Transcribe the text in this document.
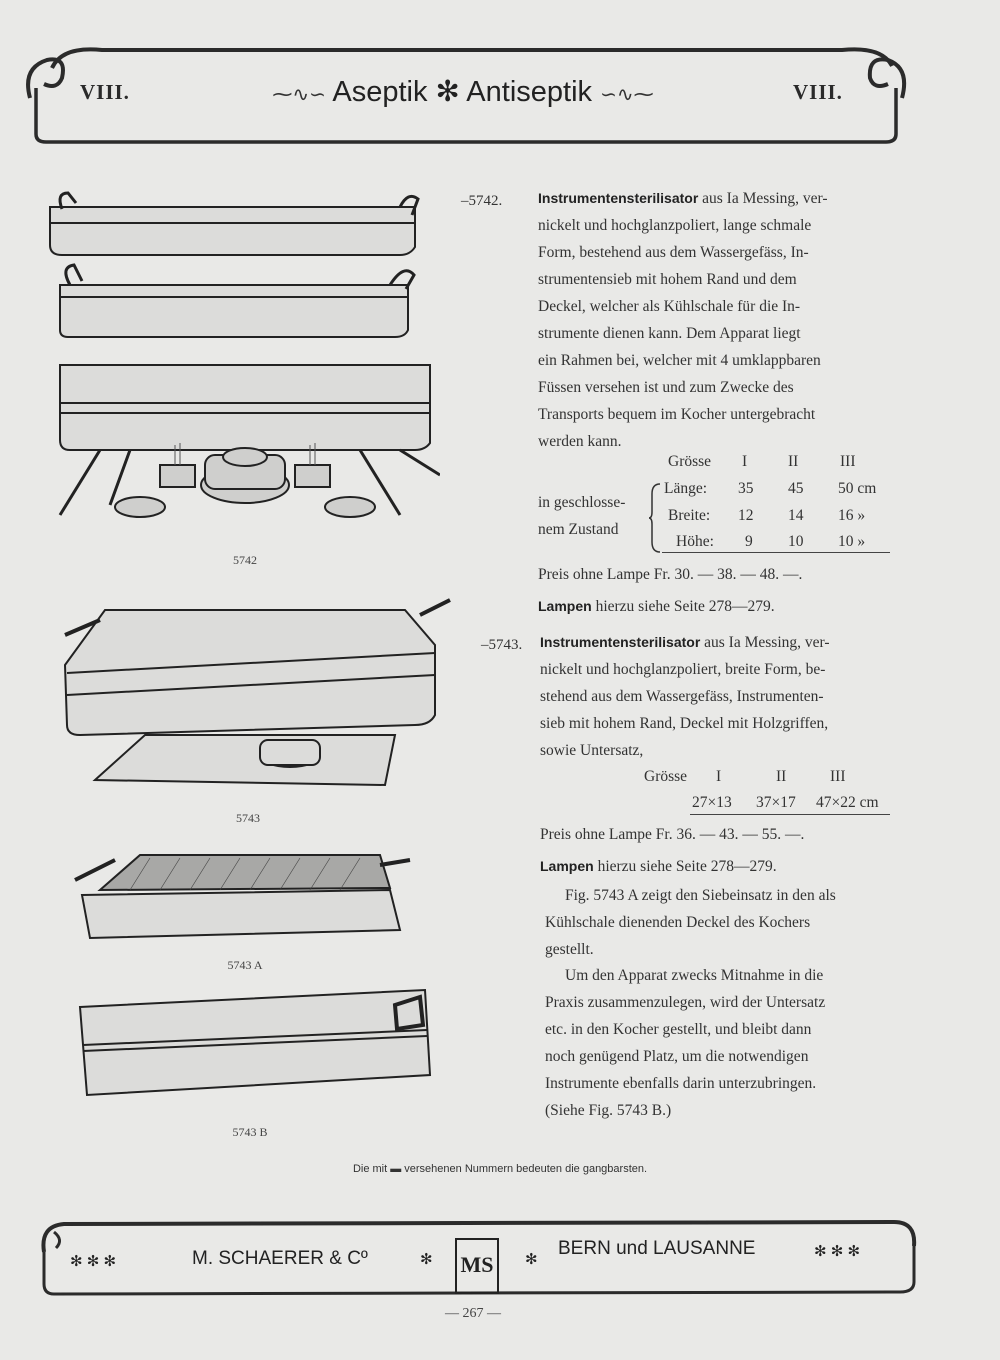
VIII.	VIII.
⁓∿∽ Aseptik ✻ Antiseptik ∽∿⁓
5742
5743
5743 A
5743 B
–5742.	Instrumentensterilisator aus Ia Messing, ver-
nickelt und hochglanzpoliert, lange schmale
Form, bestehend aus dem Wassergefäss, In-
strumentensieb mit hohem Rand und dem
Deckel, welcher als Kühlschale für die In-
strumente dienen kann. Dem Apparat liegt
ein Rahmen bei, welcher mit 4 umklappbaren
Füssen versehen ist und zum Zwecke des
Transports bequem im Kocher untergebracht
werden kann.
Grösse I	II	III
in geschlosse-
nem Zustand
Länge: 35 45 50 cm
Breite: 12 14 16 »
Höhe: 9 10 10 »
Preis ohne Lampe Fr. 30. — 38. — 48. —.
Lampen hierzu siehe Seite 278—279.
–5743. Instrumentensterilisator aus Ia Messing, ver-
nickelt und hochglanzpoliert, breite Form, be-
stehend aus dem Wassergefäss, Instrumenten-
sieb mit hohem Rand, Deckel mit Holzgriffen,
sowie Untersatz,
Grösse I	II	III
27×13 37×17 47×22 cm
Preis ohne Lampe Fr. 36. — 43. — 55. —.
Lampen hierzu siehe Seite 278—279.
Fig. 5743 A zeigt den Siebeinsatz in den als
Kühlschale dienenden Deckel des Kochers
gestellt.
Um den Apparat zwecks Mitnahme in die
Praxis zusammenzulegen, wird der Untersatz
etc. in den Kocher gestellt, und bleibt dann
noch genügend Platz, um die notwendigen
Instrumente ebenfalls darin unterzubringen.
(Siehe Fig. 5743 B.)
Die mit ▬ versehenen Nummern bedeuten die gangbarsten.
✻ ✻ ✻	M. SCHAERER & Cº	✻ MS	✻
BERN und LAUSANNE	✻ ✻ ✻
— 267 —
